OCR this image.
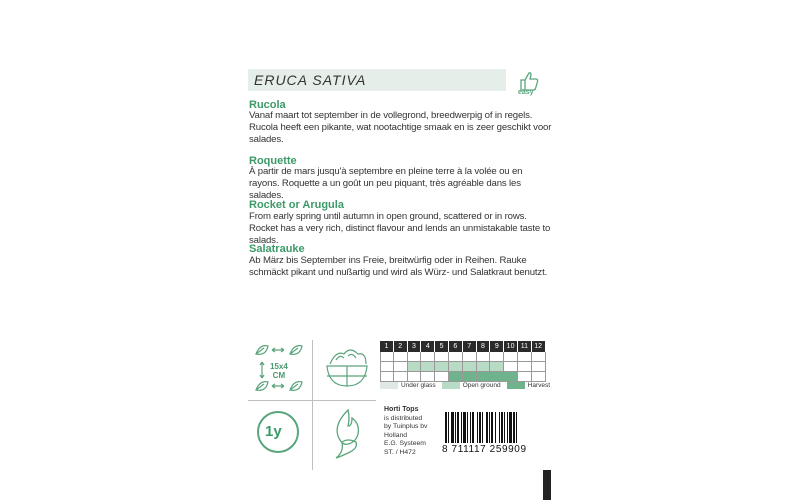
ERUCA SATIVA
easy
Rucola
Vanaf maart tot september in de vollegrond, breedwerpig of in regels. Rucola heeft een pikante, wat nootachtige smaak en is zeer geschikt voor salades.
Roquette
À partir de mars jusqu'à septembre en pleine terre à la volée ou en rayons. Roquette a un goût un peu piquant, très agréable dans les salades.
Rocket or Arugula
From early spring until autumn in open ground, scattered or in rows. Rocket has a very rich, distinct flavour and lends an unmistakable taste to salads.
Salatrauke
Ab März bis September ins Freie, breitwürfig oder in Reihen. Rauke schmäckt pikant und nußartig und wird als Würz- und Salatkraut benutzt.
15x4
CM
1y
1	2	3	4	5	6	7	8	9	10 11 12
Under glass	Open ground	Harvest
Horti Tops
is distributed
by Tuinplus bv
Holland
E.G. Systeem
ST. / H472	8 711117 259909
